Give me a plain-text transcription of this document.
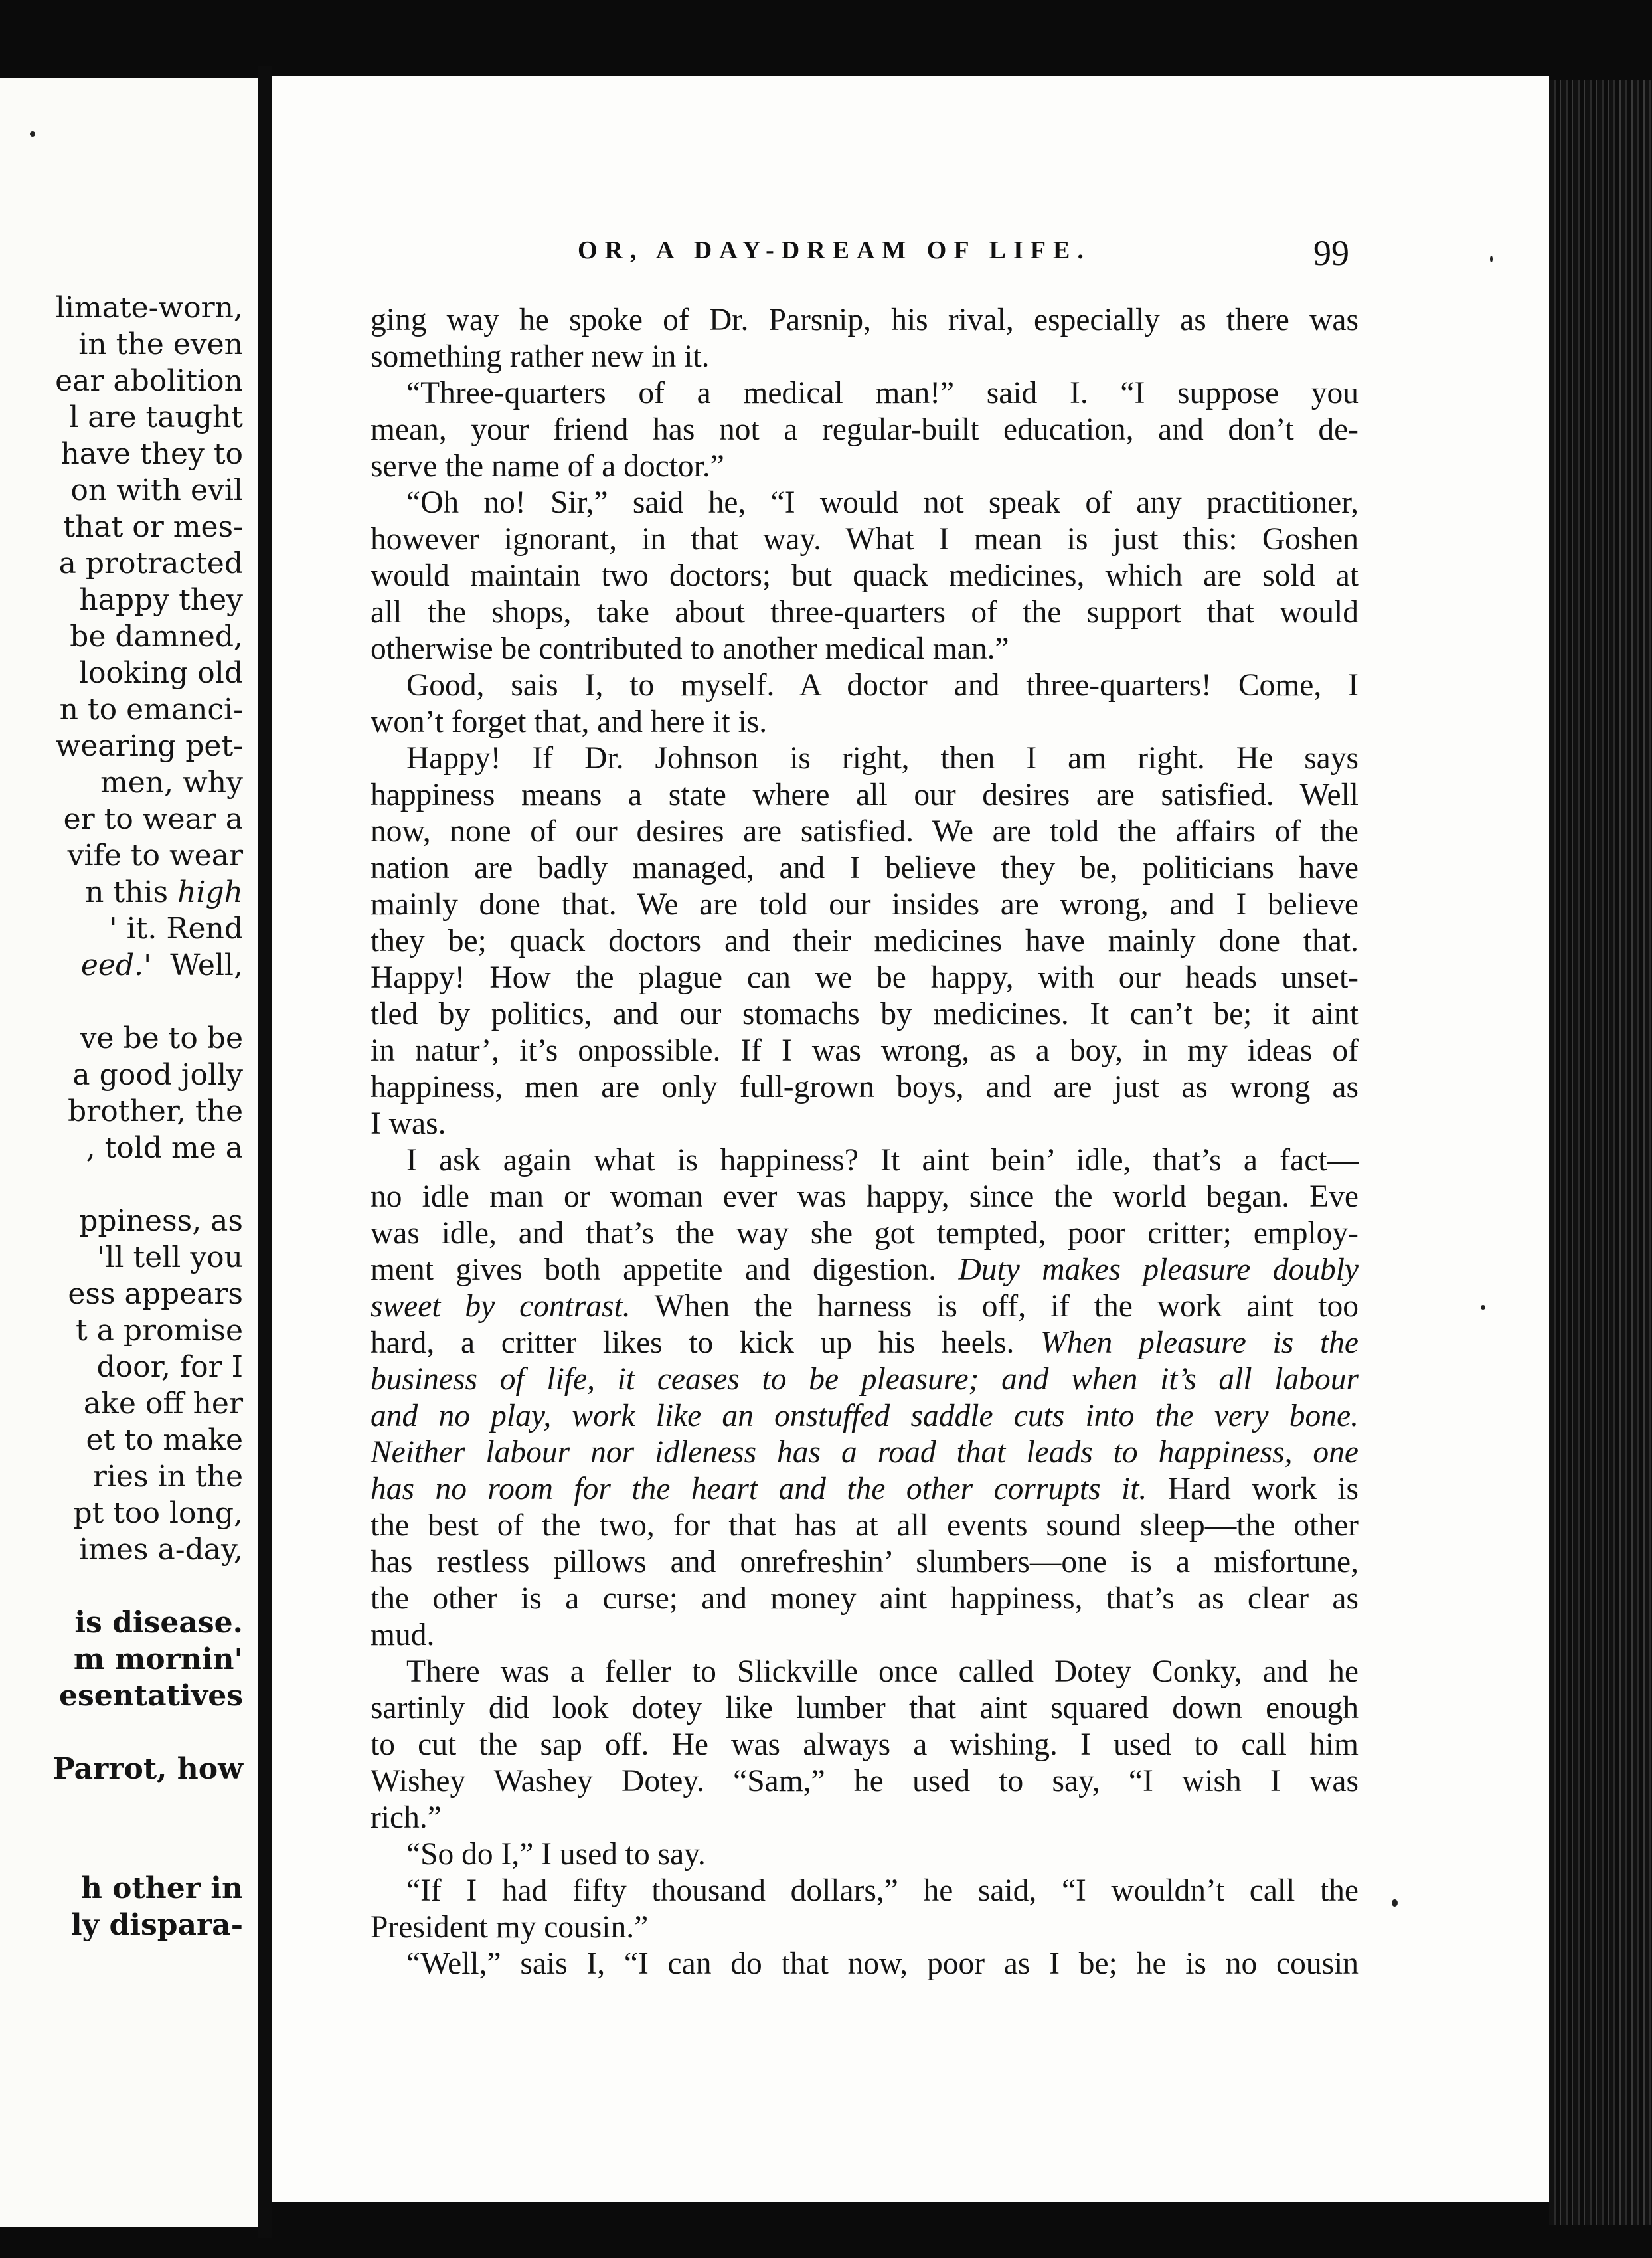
limate-worn,
in the even
ear abolition
l are taught
have they to
on with evil
that or mes-
a protracted
happy they
be damned,
looking old
n to emanci-
wearing pet-
men, why
er to wear a
vife to wear
n this high
' it. Rend
eed.' Well,
ve be to be
a good jolly
brother, the
, told me a
ppiness, as
'll tell you
ess appears
t a promise
door, for I
ake off her
et to make
ries in the
pt too long,
imes a-day,
is disease.
m mornin'
esentatives
Parrot, how
h other in
ly dispara-
OR, A DAY-DREAM OF LIFE.	99
ging way he spoke of Dr. Parsnip, his rival, especially as there was
something rather new in it.
“Three-quarters of a medical man!” said I. “I suppose you
mean, your friend has not a regular-built education, and don’t de-
serve the name of a doctor.”
“Oh no! Sir,” said he, “I would not speak of any practitioner,
however ignorant, in that way. What I mean is just this: Goshen
would maintain two doctors; but quack medicines, which are sold at
all the shops, take about three-quarters of the support that would
otherwise be contributed to another medical man.”
Good, sais I, to myself. A doctor and three-quarters! Come, I
won’t forget that, and here it is.
Happy! If Dr. Johnson is right, then I am right. He says
happiness means a state where all our desires are satisfied. Well
now, none of our desires are satisfied. We are told the affairs of the
nation are badly managed, and I believe they be, politicians have
mainly done that. We are told our insides are wrong, and I believe
they be; quack doctors and their medicines have mainly done that.
Happy! How the plague can we be happy, with our heads unset-
tled by politics, and our stomachs by medicines. It can’t be; it aint
in natur’, it’s onpossible. If I was wrong, as a boy, in my ideas of
happiness, men are only full-grown boys, and are just as wrong as
I was.
I ask again what is happiness? It aint bein’ idle, that’s a fact—
no idle man or woman ever was happy, since the world began. Eve
was idle, and that’s the way she got tempted, poor critter; employ-
ment gives both appetite and digestion. Duty makes pleasure doubly
sweet by contrast. When the harness is off, if the work aint too
hard, a critter likes to kick up his heels. When pleasure is the
business of life, it ceases to be pleasure; and when it’s all labour
and no play, work like an onstuffed saddle cuts into the very bone.
Neither labour nor idleness has a road that leads to happiness, one
has no room for the heart and the other corrupts it. Hard work is
the best of the two, for that has at all events sound sleep—the other
has restless pillows and onrefreshin’ slumbers—one is a misfortune,
the other is a curse; and money aint happiness, that’s as clear as
mud.
There was a feller to Slickville once called Dotey Conky, and he
sartinly did look dotey like lumber that aint squared down enough
to cut the sap off. He was always a wishing. I used to call him
Wishey Washey Dotey. “Sam,” he used to say, “I wish I was
rich.”
“So do I,” I used to say.
“If I had fifty thousand dollars,” he said, “I wouldn’t call the
President my cousin.”
“Well,” sais I, “I can do that now, poor as I be; he is no cousin
